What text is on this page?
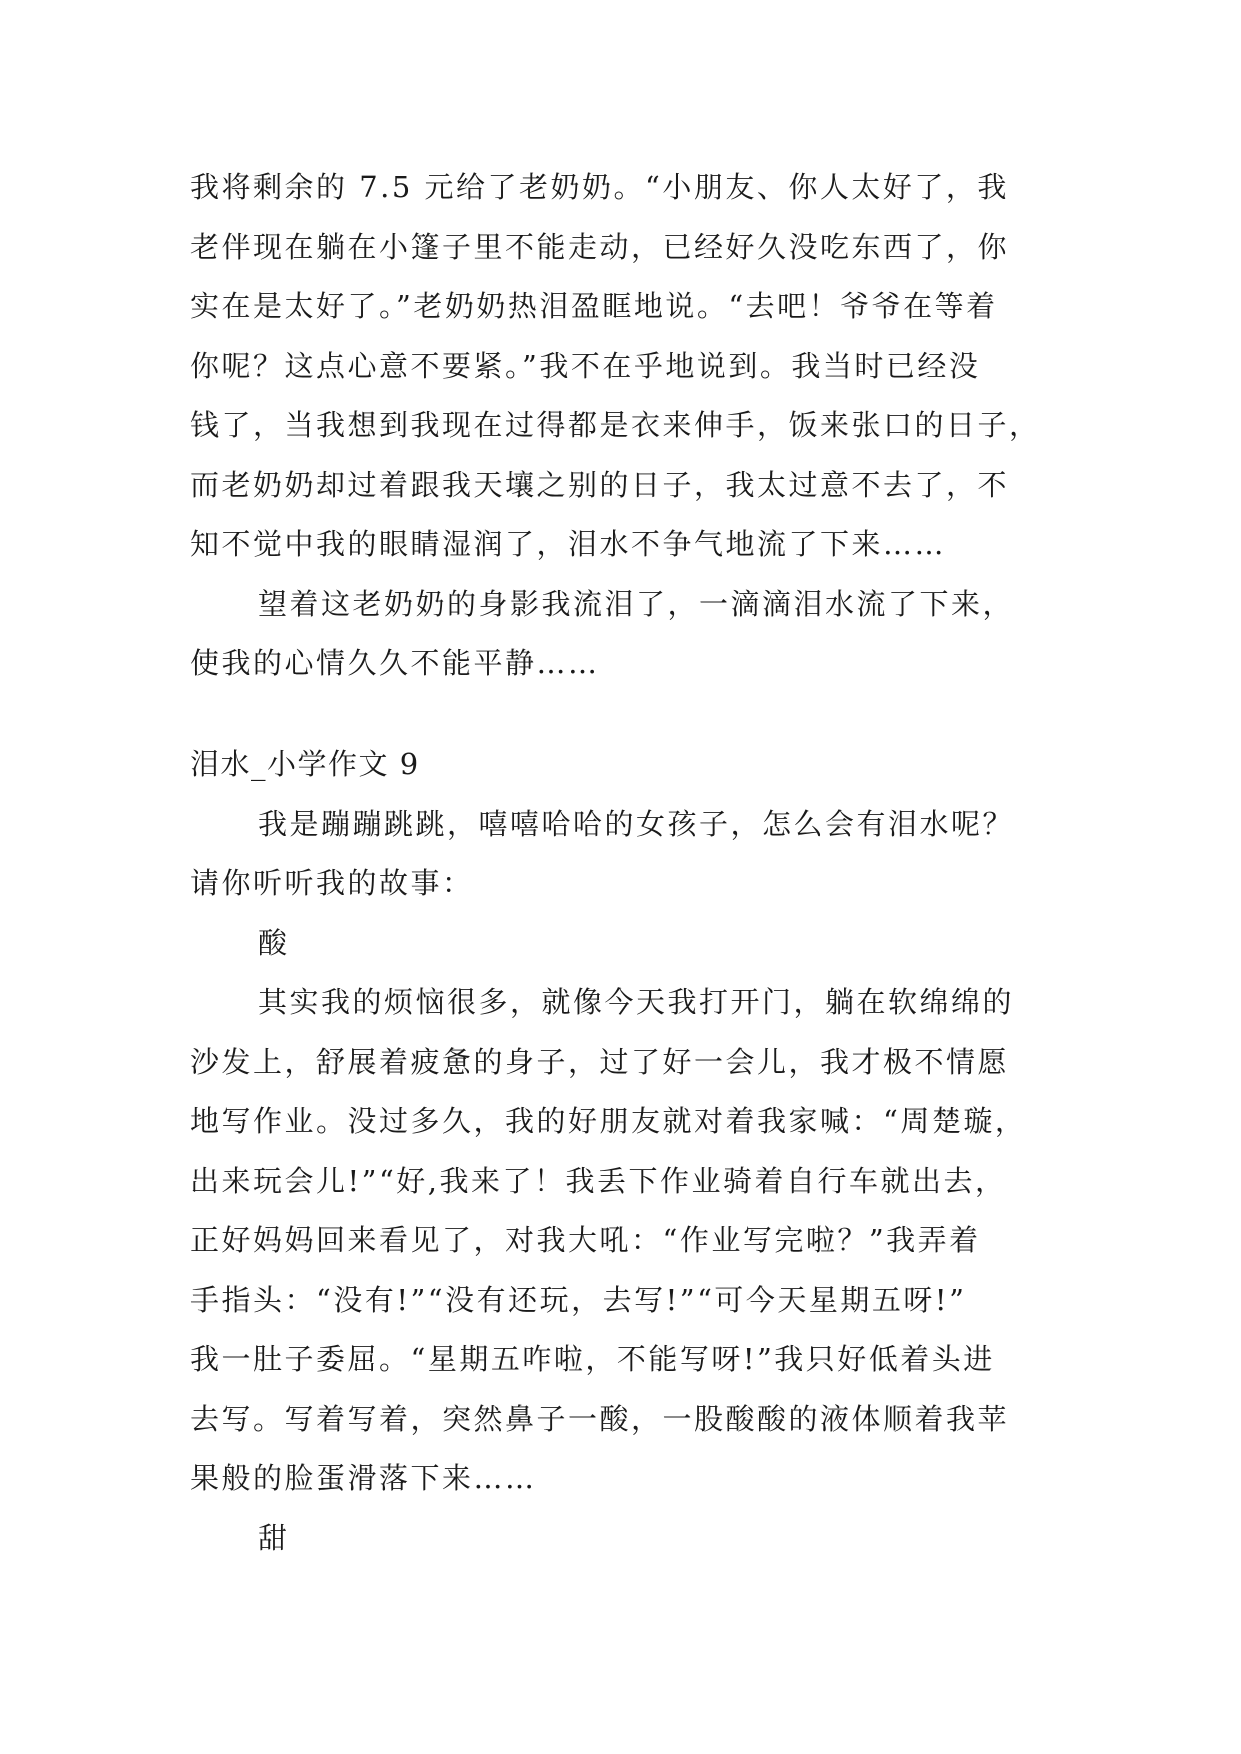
我将剩余的 7.5 元给了老奶奶。“小朋友、你人太好了，我
老伴现在躺在小篷子里不能走动，已经好久没吃东西了，你
实在是太好了。”老奶奶热泪盈眶地说。“去吧！爷爷在等着
你呢？这点心意不要紧。”我不在乎地说到。我当时已经没
钱了，当我想到我现在过得都是衣来伸手，饭来张口的日子，
而老奶奶却过着跟我天壤之别的日子，我太过意不去了，不
知不觉中我的眼睛湿润了，泪水不争气地流了下来……

望着这老奶奶的身影我流泪了，一滴滴泪水流了下来，
使我的心情久久不能平静……

泪水_小学作文 9

我是蹦蹦跳跳，嘻嘻哈哈的女孩子，怎么会有泪水呢？
请你听听我的故事：

酸

其实我的烦恼很多，就像今天我打开门，躺在软绵绵的
沙发上，舒展着疲惫的身子，过了好一会儿，我才极不情愿
地写作业。没过多久，我的好朋友就对着我家喊：“周楚璇，
出来玩会儿!”“好,我来了！我丢下作业骑着自行车就出去，
正好妈妈回来看见了，对我大吼：“作业写完啦？”我弄着
手指头：“没有!”“没有还玩，去写!”“可今天星期五呀!”
我一肚子委屈。“星期五咋啦，不能写呀!”我只好低着头进
去写。写着写着，突然鼻子一酸，一股酸酸的液体顺着我苹
果般的脸蛋滑落下来……

甜
